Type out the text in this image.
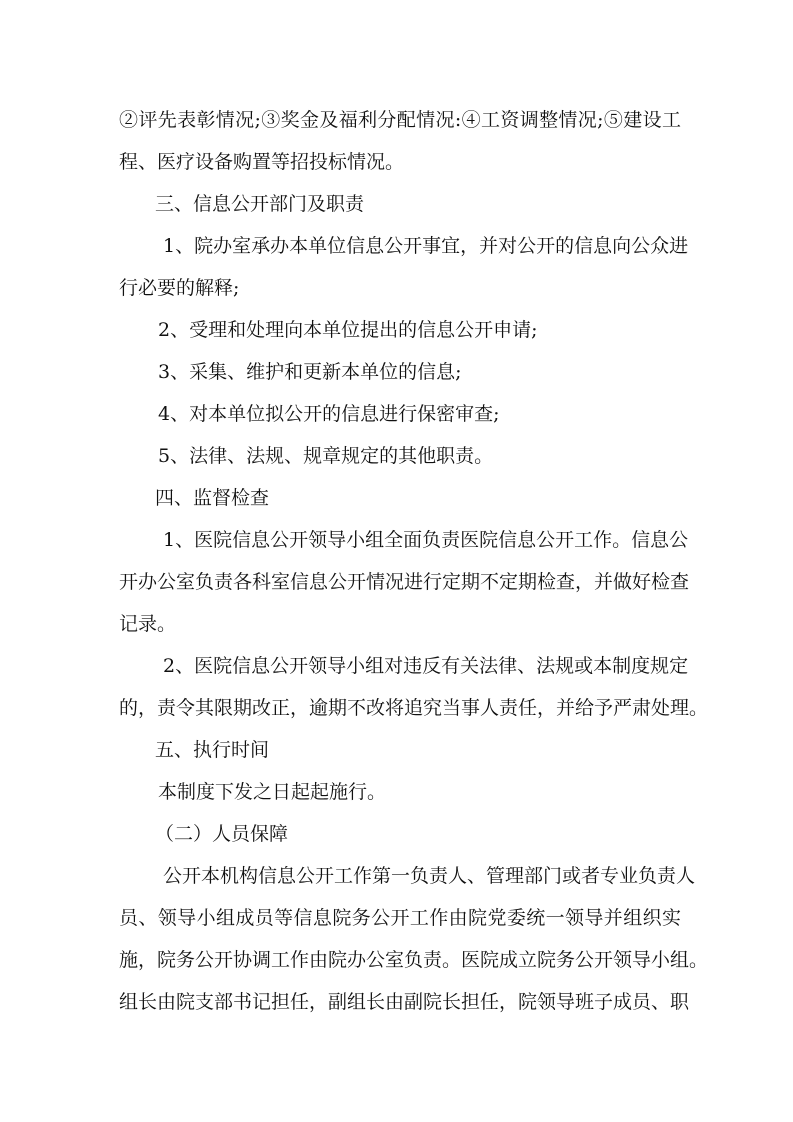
②评先表彰情况;③奖金及福利分配情况:④工资调整情况;⑤建设工

程、医疗设备购置等招投标情况。

三、信息公开部门及职责

1、院办室承办本单位信息公开事宜，并对公开的信息向公众进

行必要的解释;

2、受理和处理向本单位提出的信息公开申请;

3、采集、维护和更新本单位的信息;

4、对本单位拟公开的信息进行保密审查;

5、法律、法规、规章规定的其他职责。

四、监督检查

1、医院信息公开领导小组全面负责医院信息公开工作。信息公

开办公室负责各科室信息公开情况进行定期不定期检查，并做好检查

记录。

2、医院信息公开领导小组对违反有关法律、法规或本制度规定

的，责令其限期改正，逾期不改将追究当事人责任，并给予严肃处理。

五、执行时间

本制度下发之日起起施行。

（二）人员保障

公开本机构信息公开工作第一负责人、管理部门或者专业负责人

员、领导小组成员等信息院务公开工作由院党委统一领导并组织实

施，院务公开协调工作由院办公室负责。医院成立院务公开领导小组。

组长由院支部书记担任，副组长由副院长担任，院领导班子成员、职
